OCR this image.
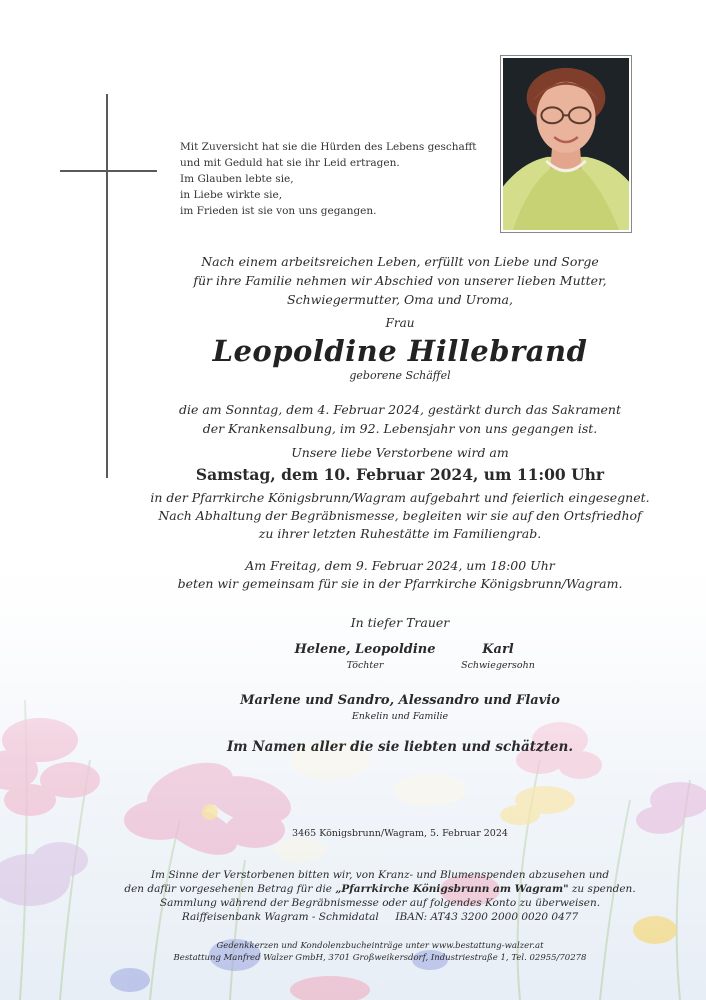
Mit Zuversicht hat sie die Hürden des Lebens geschafft
und mit Geduld hat sie ihr Leid ertragen.
Im Glauben lebte sie,
in Liebe wirkte sie,
im Frieden ist sie von uns gegangen.
Nach einem arbeitsreichen Leben, erfüllt von Liebe und Sorge
für ihre Familie nehmen wir Abschied von unserer lieben Mutter,
Schwiegermutter, Oma und Uroma,
Frau
Leopoldine Hillebrand
geborene Schäffel
die am Sonntag, dem 4. Februar 2024, gestärkt durch das Sakrament
der Krankensalbung, im 92. Lebensjahr von uns gegangen ist.
Unsere liebe Verstorbene wird am
Samstag, dem 10. Februar 2024, um 11:00 Uhr
in der Pfarrkirche Königsbrunn/Wagram aufgebahrt und feierlich eingesegnet.
Nach Abhaltung der Begräbnismesse, begleiten wir sie auf den Ortsfriedhof
zu ihrer letzten Ruhestätte im Familiengrab.
Am Freitag, dem 9. Februar 2024, um 18:00 Uhr
beten wir gemeinsam für sie in der Pfarrkirche Königsbrunn/Wagram.
In tiefer Trauer
Helene, Leopoldine
Töchter
Karl
Schwiegersohn
Marlene und Sandro, Alessandro und Flavio
Enkelin und Familie
Im Namen aller die sie liebten und schätzten.
3465 Königsbrunn/Wagram, 5. Februar 2024
Im Sinne der Verstorbenen bitten wir, von Kranz- und Blumenspenden abzusehen und
den dafür vorgesehenen Betrag für die „Pfarrkirche Königsbrunn am Wagram" zu spenden.
Sammlung während der Begräbnismesse oder auf folgendes Konto zu überweisen.
Raiffeisenbank Wagram - Schmidatal     IBAN: AT43 3200 2000 0020 0477
Gedenkkerzen und Kondolenzbucheinträge unter www.bestattung-walzer.at
Bestattung Manfred Walzer GmbH, 3701 Großweikersdorf, Industriestraße 1, Tel. 02955/70278
